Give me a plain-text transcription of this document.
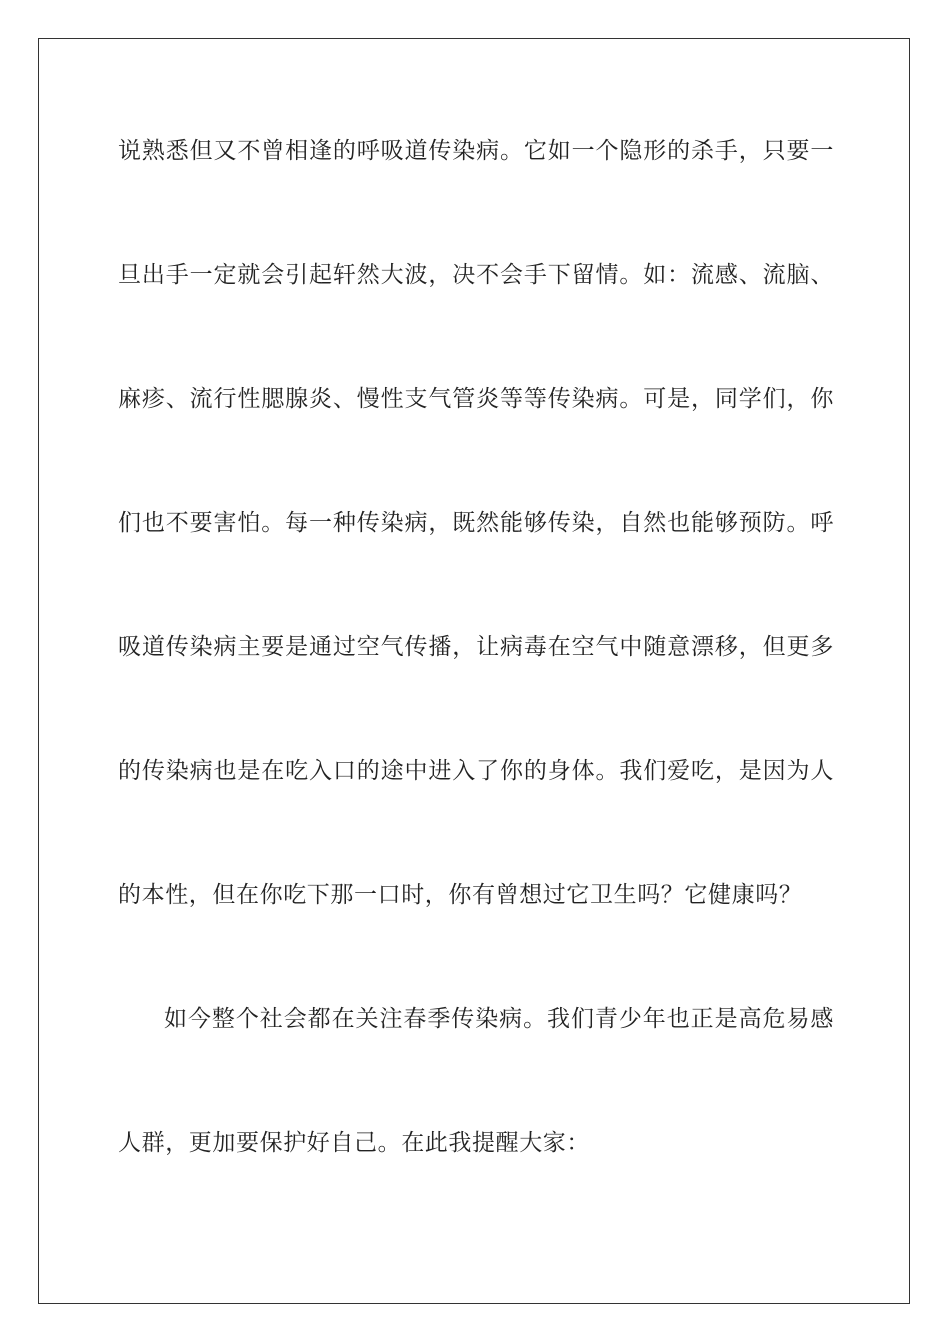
说熟悉但又不曾相逢的呼吸道传染病。它如一个隐形的杀手，只要一
旦出手一定就会引起轩然大波，决不会手下留情。如：流感、流脑、
麻疹、流行性腮腺炎、慢性支气管炎等等传染病。可是，同学们，你
们也不要害怕。每一种传染病，既然能够传染，自然也能够预防。呼
吸道传染病主要是通过空气传播，让病毒在空气中随意漂移，但更多
的传染病也是在吃入口的途中进入了你的身体。我们爱吃，是因为人
的本性，但在你吃下那一口时，你有曾想过它卫生吗？它健康吗？
如今整个社会都在关注春季传染病。我们青少年也正是高危易感
人群，更加要保护好自己。在此我提醒大家：
